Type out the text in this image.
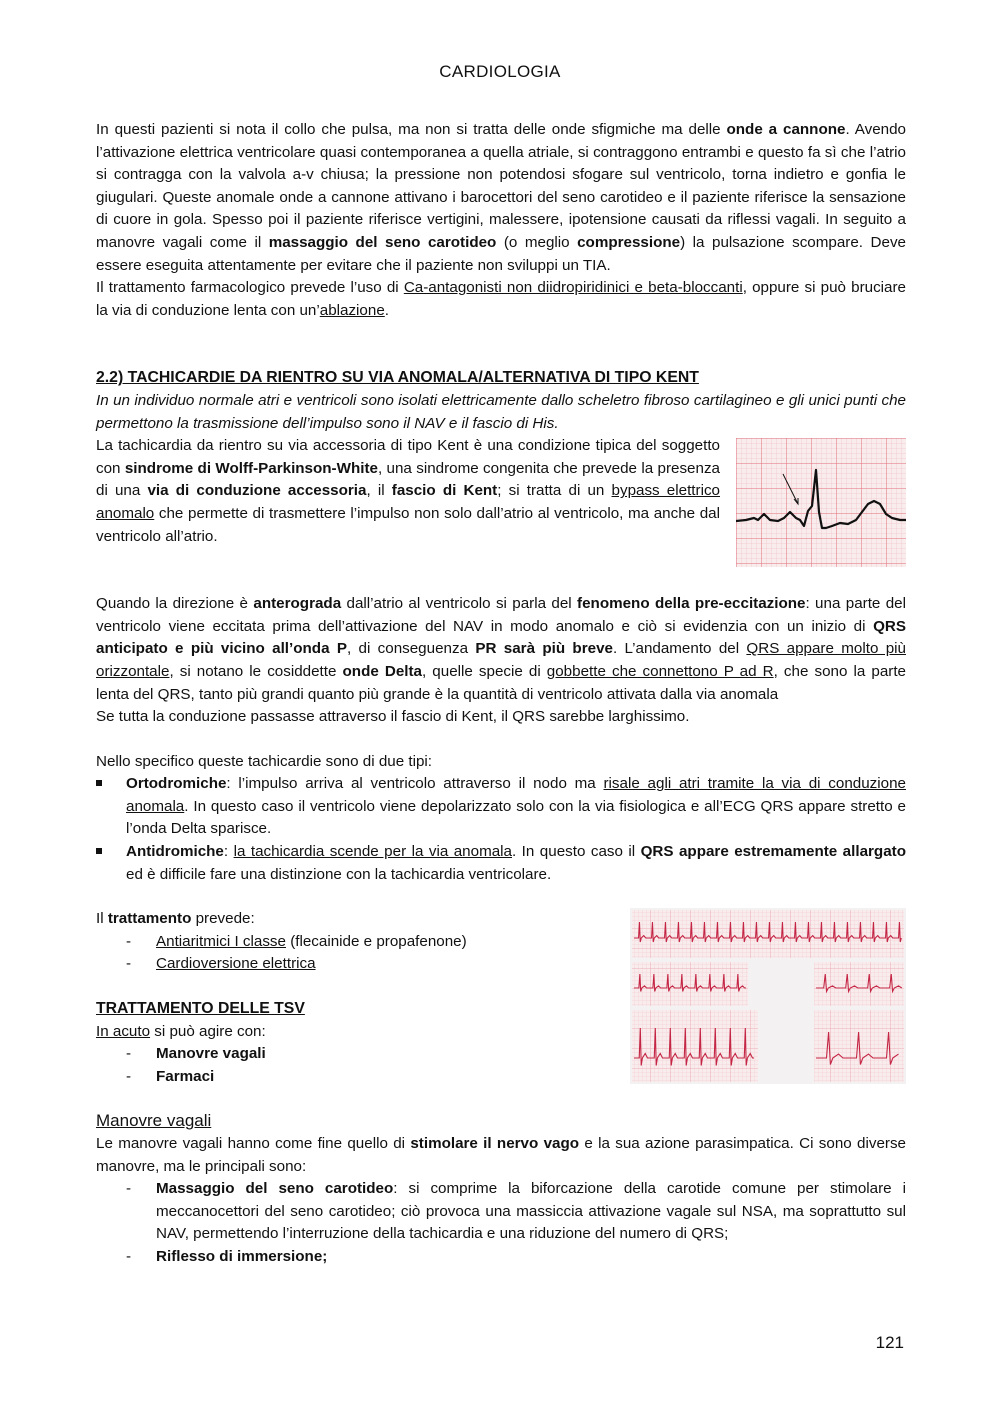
CARDIOLOGIA

In questi pazienti si nota il collo che pulsa, ma non si tratta delle onde sfigmiche ma delle onde a cannone. Avendo l’attivazione elettrica ventricolare quasi contemporanea a quella atriale, si contraggono entrambi e questo fa sì che l’atrio si contragga con la valvola a-v chiusa; la pressione non potendosi sfogare sul ventricolo, torna indietro e gonfia le giugulari. Queste anomale onde a cannone attivano i barocettori del seno carotideo e il paziente riferisce la sensazione di cuore in gola. Spesso poi il paziente riferisce vertigini, malessere, ipotensione causati da riflessi vagali. In seguito a manovre vagali come il massaggio del seno carotideo (o meglio compressione) la pulsazione scompare. Deve essere eseguita attentamente per evitare che il paziente non sviluppi un TIA.

Il trattamento farmacologico prevede l’uso di Ca-antagonisti non diidropiridinici e beta-bloccanti, oppure si può bruciare la via di conduzione lenta con un’ablazione.

2.2) TACHICARDIE DA RIENTRO SU VIA ANOMALA/ALTERNATIVA DI TIPO KENT

In un individuo normale atri e ventricoli sono isolati elettricamente dallo scheletro fibroso cartilagineo e gli unici punti che permettono la trasmissione dell’impulso sono il NAV e il fascio di His.

La tachicardia da rientro su via accessoria di tipo Kent è una condizione tipica del soggetto con sindrome di Wolff-Parkinson-White, una sindrome congenita che prevede la presenza di una via di conduzione accessoria, il fascio di Kent; si tratta di un bypass elettrico anomalo che permette di trasmettere l’impulso non solo dall’atrio al ventricolo, ma anche dal ventricolo all’atrio.

Quando la direzione è anterograda dall’atrio al ventricolo si parla del fenomeno della pre-eccitazione: una parte del ventricolo viene eccitata prima dell’attivazione del NAV in modo anomalo e ciò si evidenzia con un inizio di QRS anticipato e più vicino all’onda P, di conseguenza PR sarà più breve. L’andamento del QRS appare molto più orizzontale, si notano le cosiddette onde Delta, quelle specie di gobbette che connettono P ad R, che sono la parte lenta del QRS, tanto più grandi quanto più grande è la quantità di ventricolo attivata dalla via anomala

Se tutta la conduzione passasse attraverso il fascio di Kent, il QRS sarebbe larghissimo.

Nello specifico queste tachicardie sono di due tipi:

Ortodromiche: l’impulso arriva al ventricolo attraverso il nodo ma risale agli atri tramite la via di conduzione anomala. In questo caso il ventricolo viene depolarizzato solo con la via fisiologica e all’ECG QRS appare stretto e l’onda Delta sparisce.
Antidromiche: la tachicardia scende per la via anomala. In questo caso il QRS appare estremamente allargato ed è difficile fare una distinzione con la tachicardia ventricolare.

Il trattamento prevede:

- Antiaritmici I classe (flecainide e propafenone)
- Cardioversione elettrica

TRATTAMENTO DELLE TSV

In acuto si può agire con:

- Manovre vagali
- Farmaci

Manovre vagali

Le manovre vagali hanno come fine quello di stimolare il nervo vago e la sua azione parasimpatica. Ci sono diverse manovre, ma le principali sono:

- Massaggio del seno carotideo: si comprime la biforcazione della carotide comune per stimolare i meccanocettori del seno carotideo; ciò provoca una massiccia attivazione vagale sul NSA, ma soprattutto sul NAV, permettendo l’interruzione della tachicardia e una riduzione del numero di QRS;
- Riflesso di immersione;
121
